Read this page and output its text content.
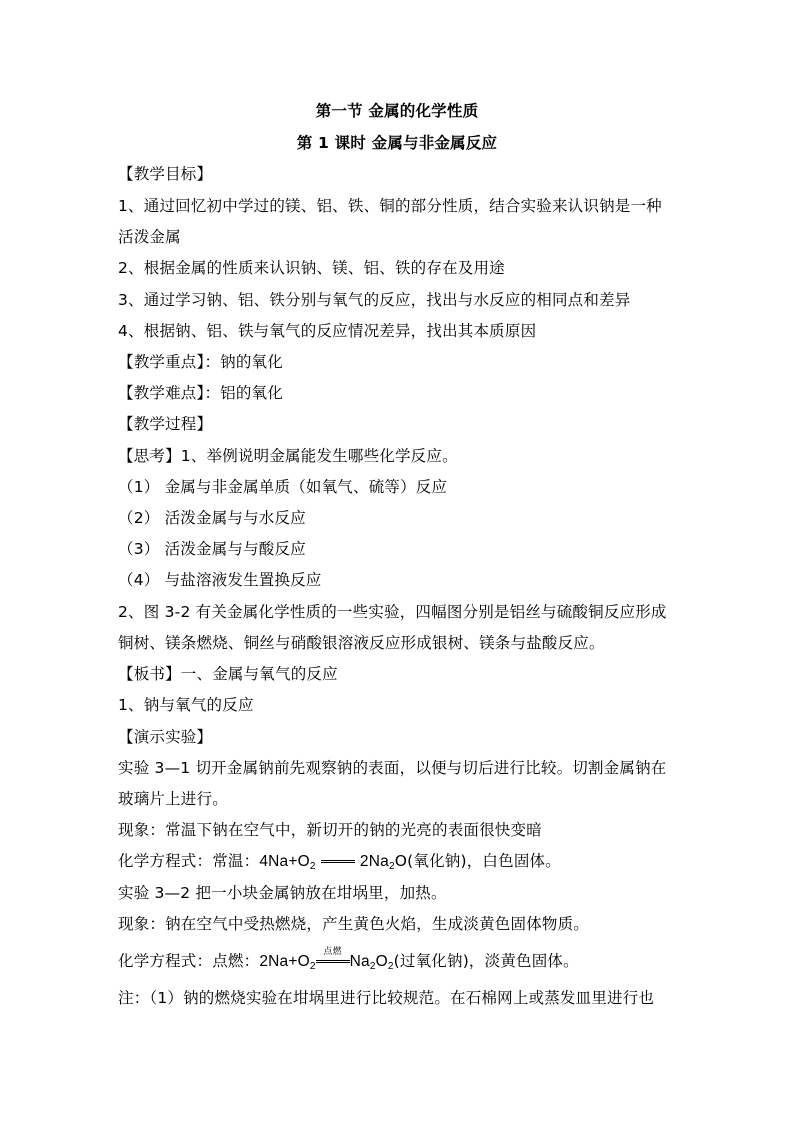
第一节 金属的化学性质
第 1 课时 金属与非金属反应
【教学目标】
1、通过回忆初中学过的镁、铝、铁、铜的部分性质，结合实验来认识钠是一种
活泼金属
2、根据金属的性质来认识钠、镁、铝、铁的存在及用途
3、通过学习钠、铝、铁分别与氧气的反应，找出与水反应的相同点和差异
4、根据钠、铝、铁与氧气的反应情况差异，找出其本质原因
【教学重点】：钠的氧化
【教学难点】：铝的氧化
【教学过程】
【思考】1、举例说明金属能发生哪些化学反应。
（1） 金属与非金属单质（如氧气、硫等）反应
（2） 活泼金属与与水反应
（3） 活泼金属与与酸反应
（4） 与盐溶液发生置换反应
2、图 3-2 有关金属化学性质的一些实验，四幅图分别是铝丝与硫酸铜反应形成
铜树、镁条燃烧、铜丝与硝酸银溶液反应形成银树、镁条与盐酸反应。
【板书】一、金属与氧气的反应
1、钠与氧气的反应
【演示实验】
实验 3—1 切开金属钠前先观察钠的表面，以便与切后进行比较。切割金属钠在
玻璃片上进行。
现象：常温下钠在空气中，新切开的钠的光亮的表面很快变暗
化学方程式：常温：$4Na+O_2$	$2Na_2O$(氧化钠)，白色固体。
实验 3—2 把一小块金属钠放在坩埚里，加热。
现象：钠在空气中受热燃烧，产生黄色火焰，生成淡黄色固体物质。
化学方程式：点燃：$2Na+O_2$
点燃
$Na_2O_2$(过氧化钠)，淡黄色固体。
注：（1）钠的燃烧实验在坩埚里进行比较规范。在石棉网上或蒸发皿里进行也
